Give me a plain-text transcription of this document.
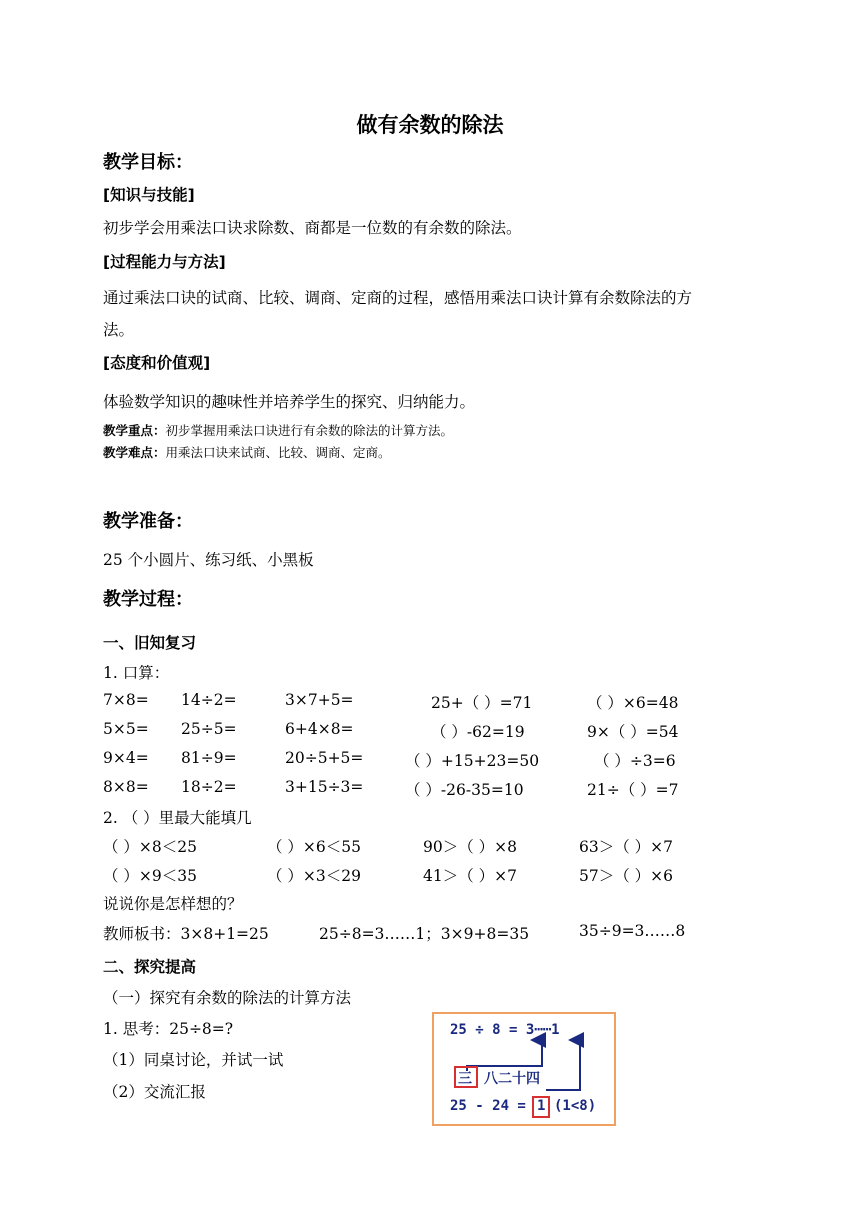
做有余数的除法
教学目标：
[知识与技能]
初步学会用乘法口诀求除数、商都是一位数的有余数的除法。
[过程能力与方法]
通过乘法口诀的试商、比较、调商、定商的过程，感悟用乘法口诀计算有余数除法的方
法。
[态度和价值观]
体验数学知识的趣味性并培养学生的探究、归纳能力。
教学重点：初步掌握用乘法口诀进行有余数的除法的计算方法。
教学难点：用乘法口诀来试商、比较、调商、定商。
教学准备：
25 个小圆片、练习纸、小黑板
教学过程：
一、旧知复习
1. 口算：
7×8= 14÷2=	3×7+5=	25+（ ）=71	（ ）×6=48
5×5= 25÷5=	6+4×8=	（ ）-62=19	9×（ ）=54
9×4= 81÷9=	20÷5+5=	（ ）+15+23=50	（ ）÷3=6
8×8= 18÷2=	3+15÷3=	（ ）-26-35=10	21÷（ ）=7
2. （ ）里最大能填几
（ ）×8＜25	（ ）×6＜55	90＞（ ）×8	63＞（ ）×7
（ ）×9＜35	（ ）×3＜29	41＞（ ）×7	57＞（ ）×6
说说你是怎样想的？
教师板书：3×8+1=25	25÷8=3……1；3×9+8=35	35÷9=3……8
二、探究提高
（一）探究有余数的除法的计算方法
1. 思考：25÷8=?
（1）同桌讨论，并试一试
（2）交流汇报
25 ÷ 8 = 3┅┅1
三 八二十四
25 - 24 = 1 (1<8)
